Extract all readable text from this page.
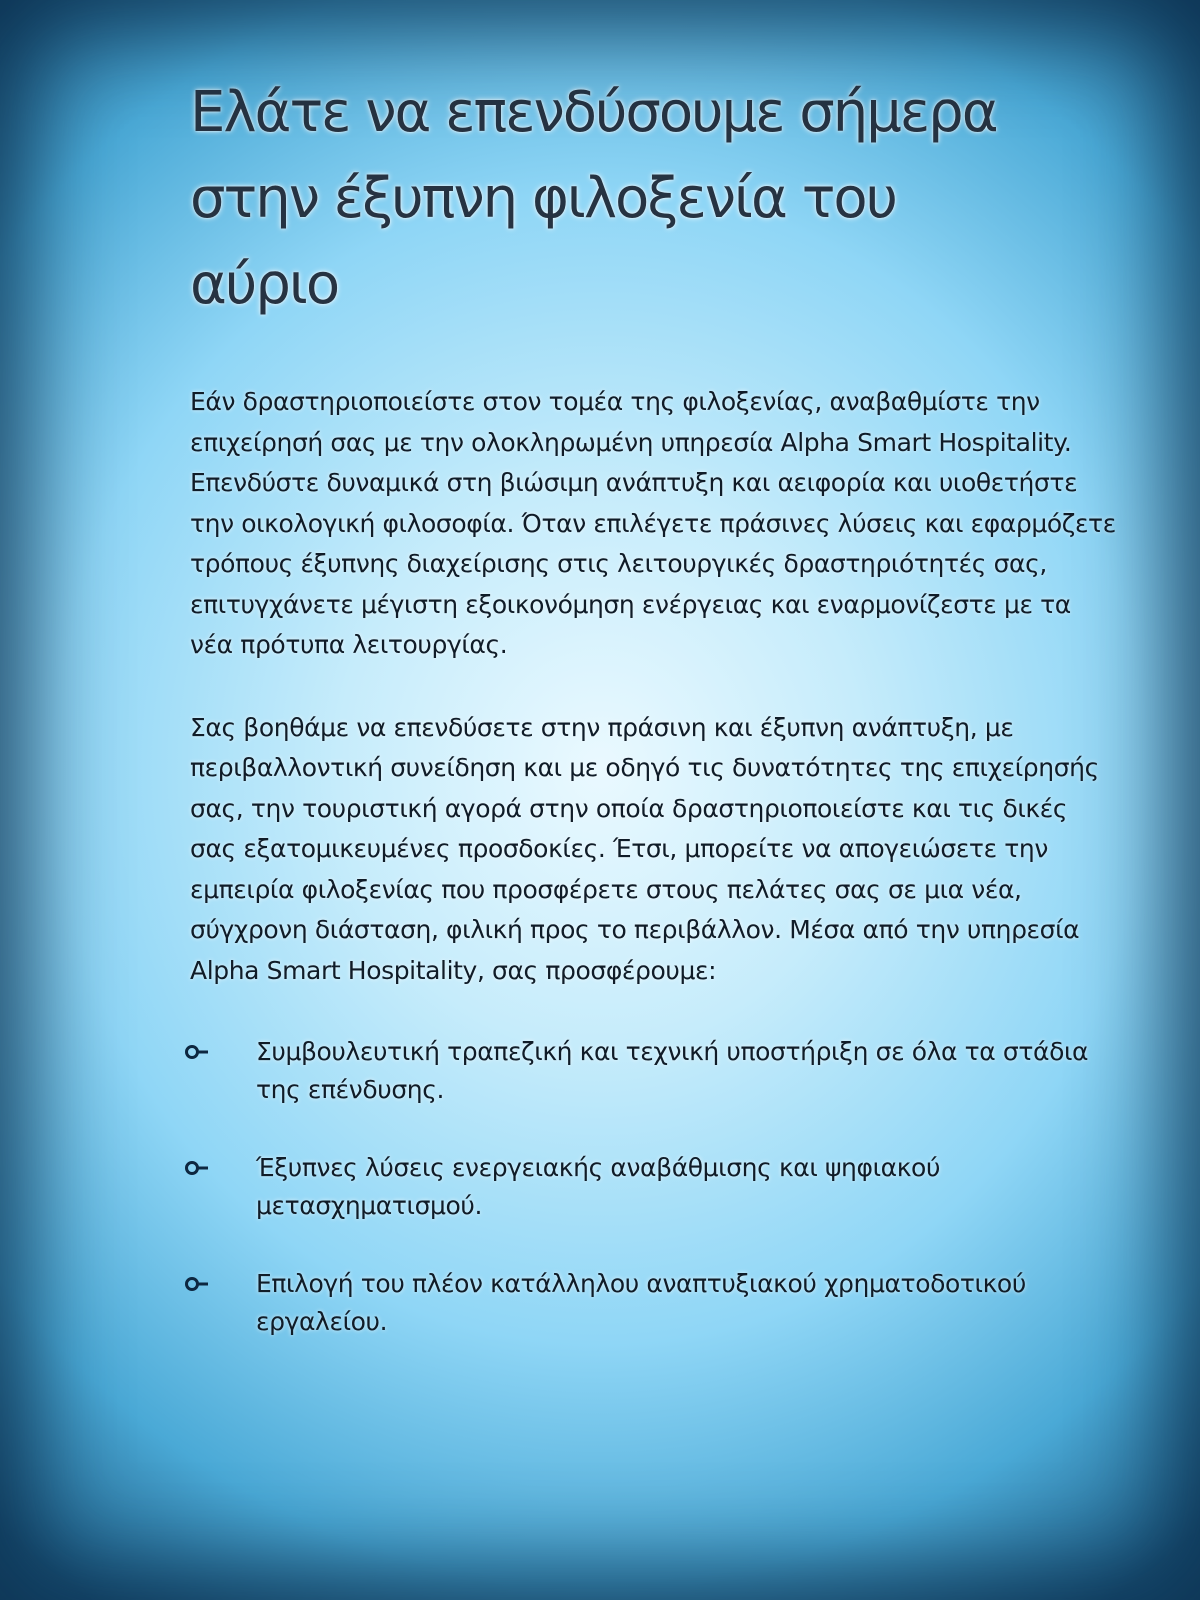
Ελάτε να επενδύσουμε σήμερα
στην έξυπνη φιλοξενία του
αύριο

Εάν δραστηριοποιείστε στον τομέα της φιλοξενίας, αναβαθμίστε την επιχείρησή σας με την ολοκληρωμένη υπηρεσία Alpha Smart Hospitality. Επενδύστε δυναμικά στη βιώσιμη ανάπτυξη και αειφορία και υιοθετήστε την οικολογική φιλοσοφία. Όταν επιλέγετε πράσινες λύσεις και εφαρμόζετε τρόπους έξυπνης διαχείρισης στις λειτουργικές δραστηριότητές σας, επιτυγχάνετε μέγιστη εξοικονόμηση ενέργειας και εναρμονίζεστε με τα νέα πρότυπα λειτουργίας.

Σας βοηθάμε να επενδύσετε στην πράσινη και έξυπνη ανάπτυξη, με περιβαλλοντική συνείδηση και με οδηγό τις δυνατότητες της επιχείρησής σας, την τουριστική αγορά στην οποία δραστηριοποιείστε και τις δικές σας εξατομικευμένες προσδοκίες. Έτσι, μπορείτε να απογειώσετε την εμπειρία φιλοξενίας που προσφέρετε στους πελάτες σας σε μια νέα, σύγχρονη διάσταση, φιλική προς το περιβάλλον. Μέσα από την υπηρεσία Alpha Smart Hospitality, σας προσφέρουμε:

Συμβουλευτική τραπεζική και τεχνική υποστήριξη σε όλα τα στάδια της επένδυσης.
Έξυπνες λύσεις ενεργειακής αναβάθμισης και ψηφιακού μετασχηματισμού.
Επιλογή του πλέον κατάλληλου αναπτυξιακού χρηματοδοτικού εργαλείου.
